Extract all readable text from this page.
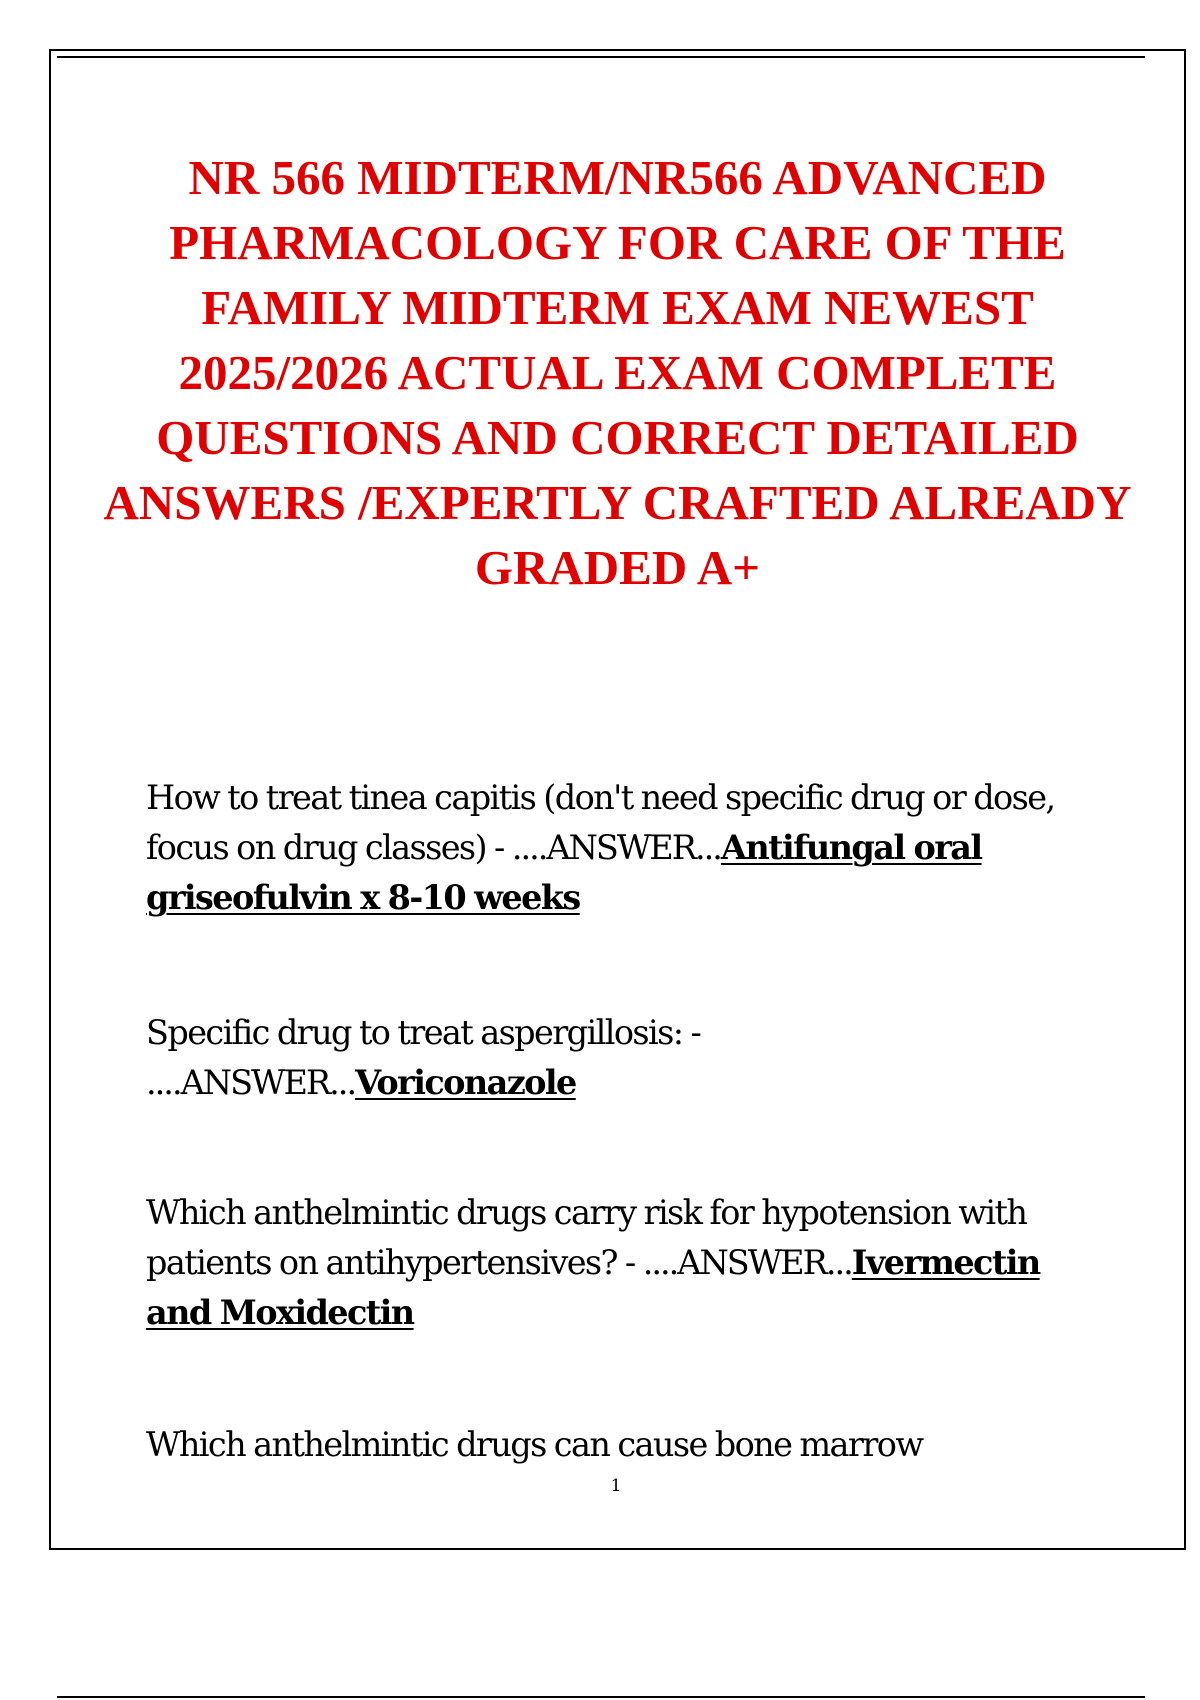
NR 566 MIDTERM/NR566 ADVANCED PHARMACOLOGY FOR CARE OF THE FAMILY MIDTERM EXAM NEWEST 2025/2026 ACTUAL EXAM COMPLETE QUESTIONS AND CORRECT DETAILED ANSWERS /EXPERTLY CRAFTED ALREADY GRADED A+

How to treat tinea capitis (don't need specific drug or dose, focus on drug classes) - ....ANSWER...Antifungal oral griseofulvin x 8-10 weeks

Specific drug to treat aspergillosis: -
....ANSWER...Voriconazole

Which anthelmintic drugs carry risk for hypotension with patients on antihypertensives? - ....ANSWER...Ivermectin and Moxidectin

Which anthelmintic drugs can cause bone marrow

1
